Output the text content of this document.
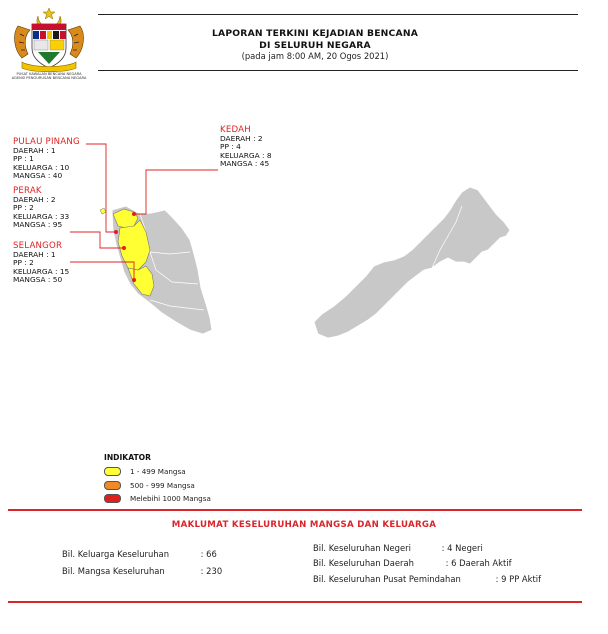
PUSAT KAWALAN BENCANA NEGARA
AGENSI PENGURUSAN BENCANA NEGARA
LAPORAN TERKINI KEJADIAN BENCANA
DI SELURUH NEGARA
(pada jam 8:00 AM, 20 Ogos 2021)
PULAU PINANG
DAERAH : 1
PP : 1
KELUARGA : 10
MANGSA : 40
PERAK
DAERAH : 2
PP : 2
KELUARGA : 33
MANGSA : 95
SELANGOR
DAERAH : 1
PP : 2
KELUARGA : 15
MANGSA : 50
KEDAH
DAERAH : 2
PP : 4
KELUARGA : 8
MANGSA : 45
INDIKATOR
1 - 499 Mangsa
500 - 999 Mangsa
Melebihi 1000 Mangsa
MAKLUMAT KESELURUHAN MANGSA DAN KELUARGA
Bil. Keluarga Keseluruhan	: 66
Bil. Mangsa Keseluruhan	: 230
Bil. Keseluruhan Negeri	: 4 Negeri
Bil. Keseluruhan Daerah	: 6 Daerah Aktif
Bil. Keseluruhan Pusat Pemindahan	: 9 PP Aktif
